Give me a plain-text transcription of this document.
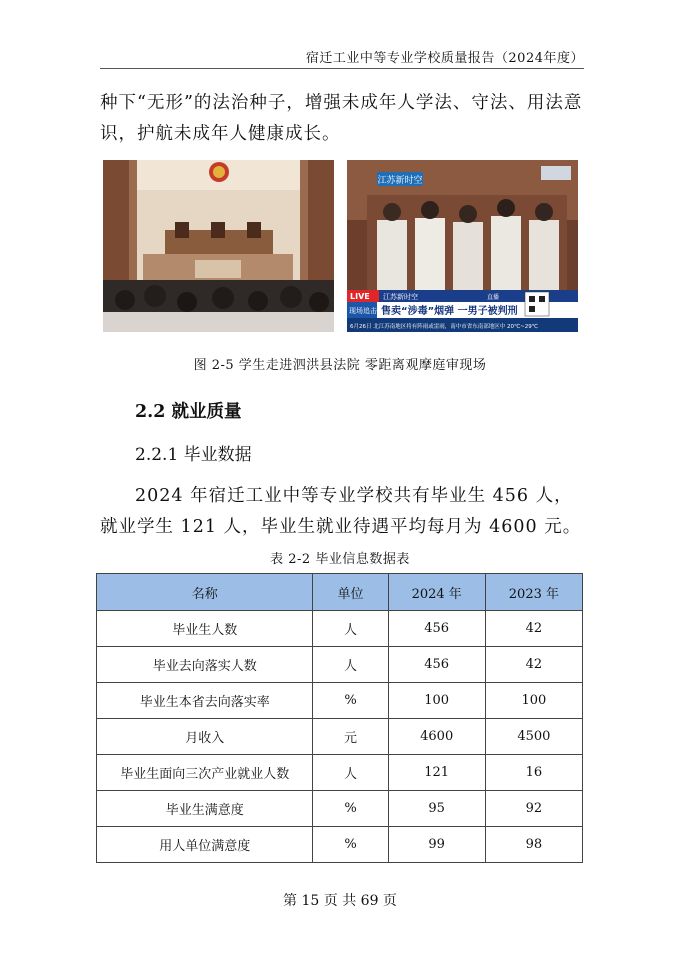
宿迁工业中等专业学校质量报告（2024年度）
种下“无形”的法治种子，增强未成年人学法、守法、用法意识，护航未成年人健康成长。
江苏新时空
LIVE 江苏新时空	直播
现场追击 售卖“涉毒”烟弹 一男子被判刑
6月26日 北江苏南地区将有阵雨或雷雨，南中市省东南部地区中 20℃~29℃
图 2-5 学生走进泗洪县法院 零距离观摩庭审现场
2.2 就业质量
2.2.1 毕业数据
2024 年宿迁工业中等专业学校共有毕业生 456 人，就业学生 121 人，毕业生就业待遇平均每月为 4600 元。
表 2-2 毕业信息数据表
名称	单位	2024 年	2023 年
毕业生人数	人	456	42
毕业去向落实人数	人	456	42
毕业生本省去向落实率	%	100	100
月收入	元	4600	4500
毕业生面向三次产业就业人数	人	121	16
毕业生满意度	%	95	92
用人单位满意度	%	99	98
第 15 页 共 69 页
